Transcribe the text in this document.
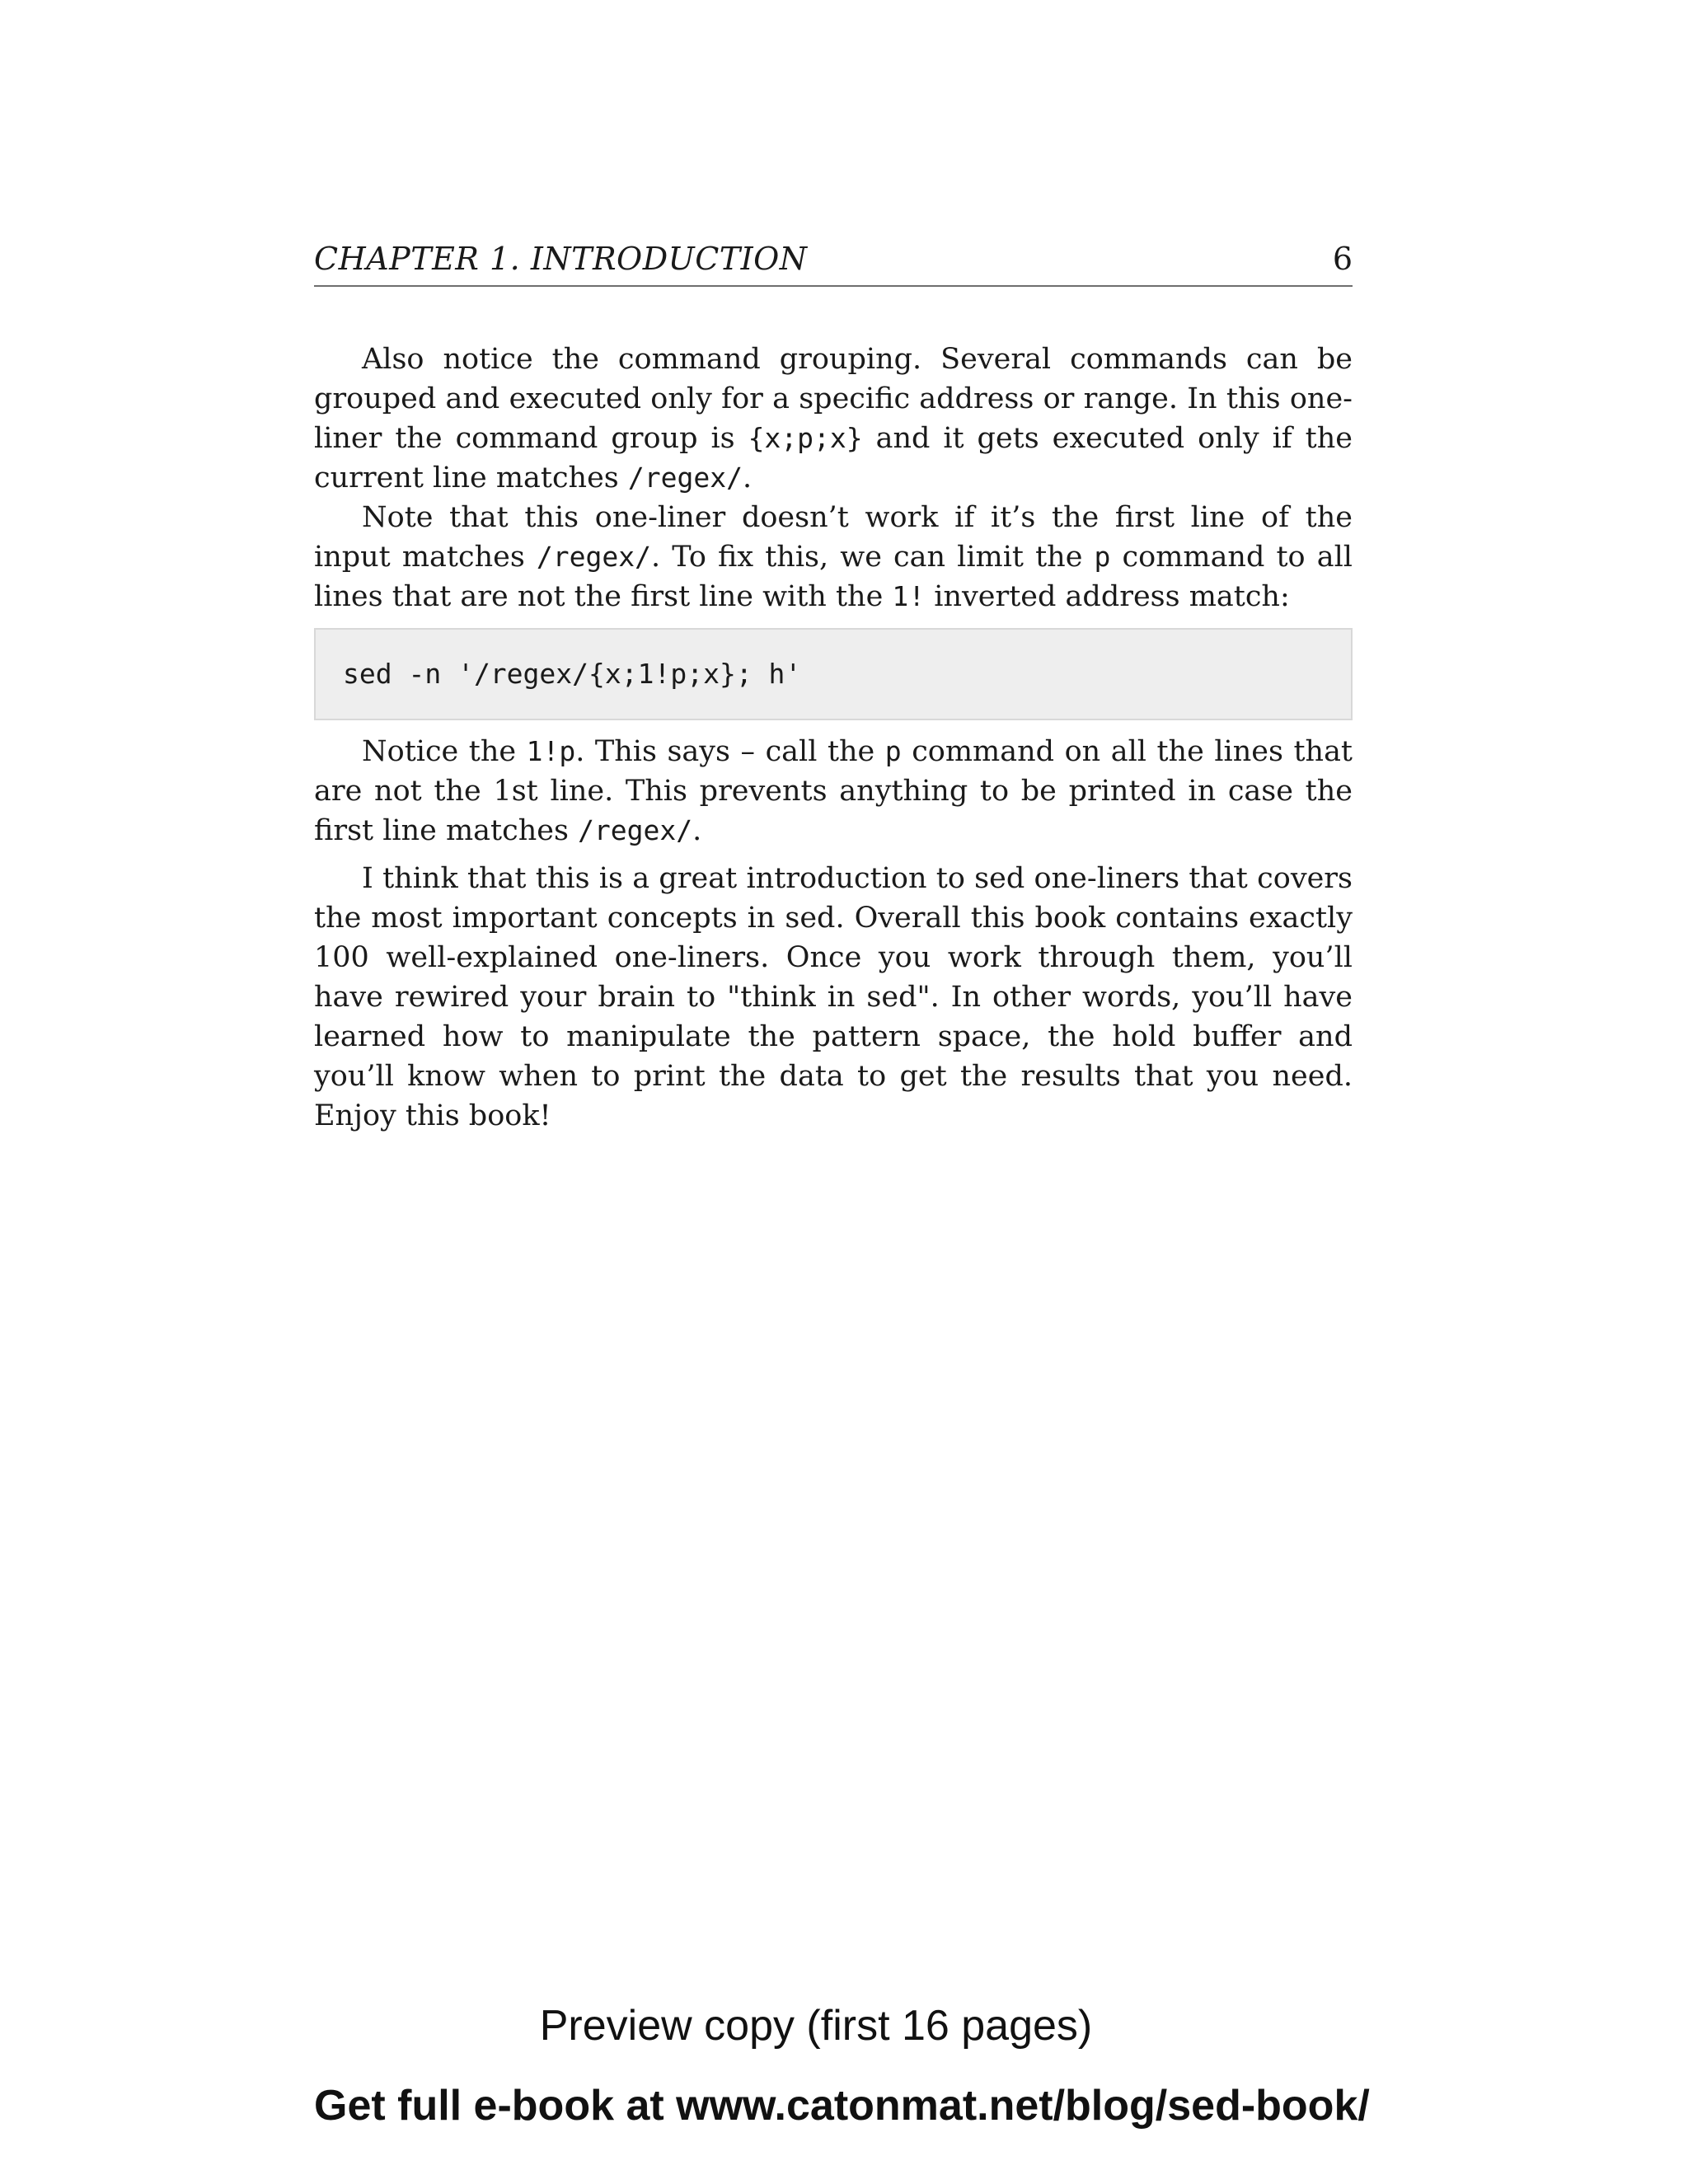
CHAPTER 1. INTRODUCTION	6

Also notice the command grouping. Several commands can be grouped and executed only for a specific address or range. In this one-liner the command group is {x;p;x} and it gets executed only if the current line matches /regex/.

Note that this one-liner doesn’t work if it’s the first line of the input matches /regex/. To fix this, we can limit the p command to all lines that are not the first line with the 1! inverted address match:

sed -n '/regex/{x;1!p;x}; h'

Notice the 1!p. This says – call the p command on all the lines that are not the 1st line. This prevents anything to be printed in case the first line matches /regex/.

I think that this is a great introduction to sed one-liners that covers the most important concepts in sed. Overall this book contains exactly 100 well-explained one-liners. Once you work through them, you’ll have rewired your brain to "think in sed". In other words, you’ll have learned how to manipulate the pattern space, the hold buffer and you’ll know when to print the data to get the results that you need. Enjoy this book!

Preview copy (first 16 pages)
Get full e-book at www.catonmat.net/blog/sed-book/
